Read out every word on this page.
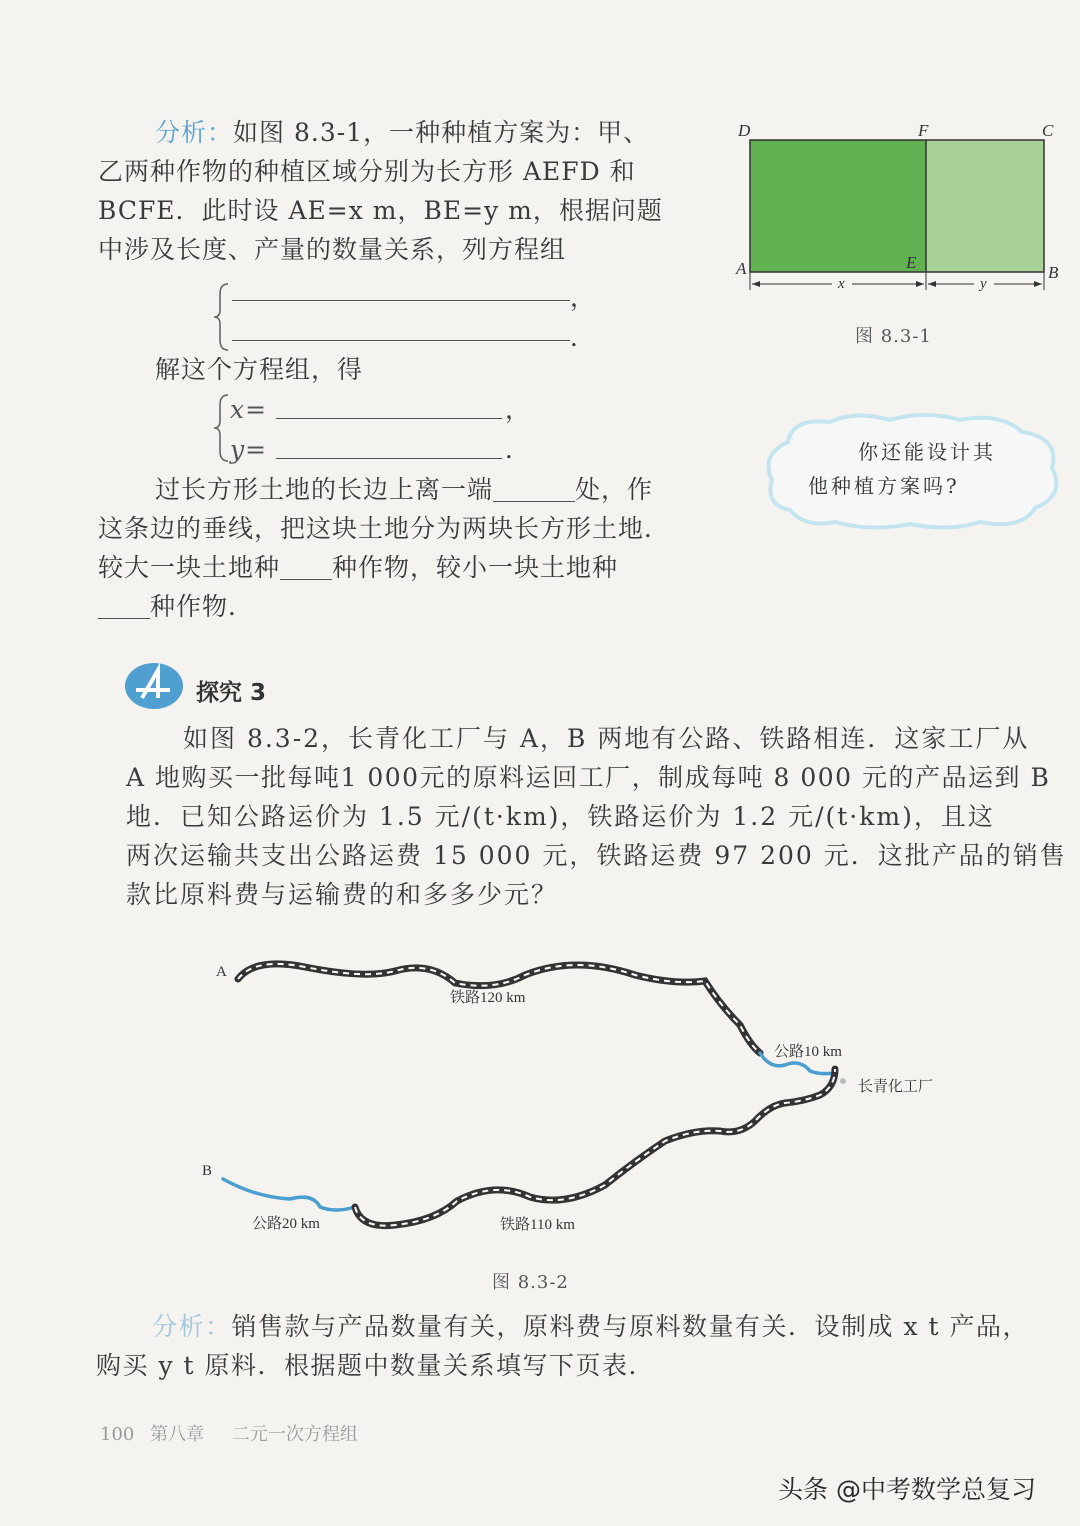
分析：如图 8.3-1，一种种植方案为：甲、
乙两种作物的种植区域分别为长方形 AEFD 和
BCFE．此时设 AE=x m，BE=y m，根据问题
中涉及长度、产量的数量关系，列方程组
，
．
解这个方程组，得
x=	，
y=	．
过长方形土地的长边上离一端	处，作
这条边的垂线，把这块土地分为两块长方形土地．
较大一块土地种 种作物，较小一块土地种
种作物．
D	F	C
A	E
B
x	y
图 8.3-1
你还能设计其
他种植方案吗?
探究 3
如图 8.3-2，长青化工厂与 A，B 两地有公路、铁路相连．这家工厂从
A 地购买一批每吨1 000元的原料运回工厂，制成每吨 8 000 元的产品运到 B
地．已知公路运价为 1.5 元/(t·km)，铁路运价为 1.2 元/(t·km)，且这
两次运输共支出公路运费 15 000 元，铁路运费 97 200 元．这批产品的销售
款比原料费与运输费的和多多少元？
A
B
铁路120 km
公路10 km
长青化工厂
公路20 km	铁路110 km
图 8.3-2
分析：销售款与产品数量有关，原料费与原料数量有关．设制成 x t 产品，
购买 y t 原料．根据题中数量关系填写下页表．
100 第八章 二元一次方程组
头条 @中考数学总复习
